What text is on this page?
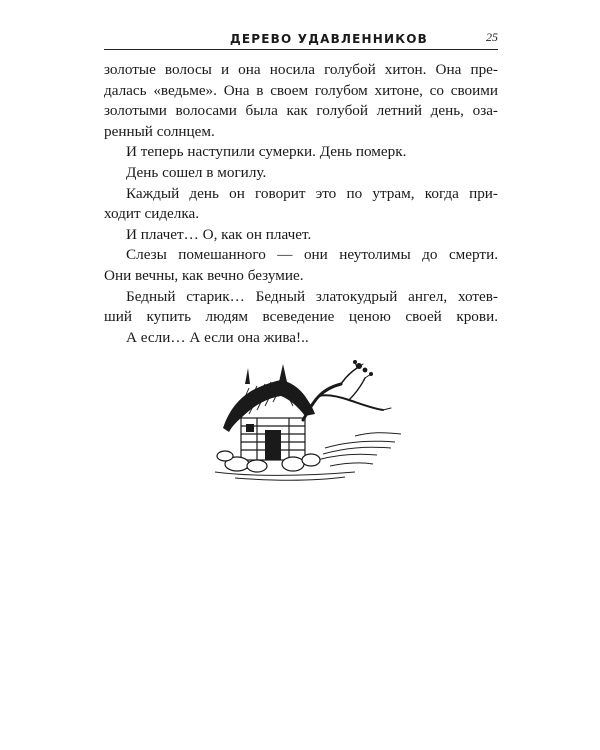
ДЕРЕВО УДАВЛЕННИКОВ	25

золотые волосы и она носила голубой хитон. Она пре-

далась «ведьме». Она в своем голубом хитоне, со своими

золотыми волосами была как голубой летний день, оза-

ренный солнцем.

И теперь наступили сумерки. День померк.

День сошел в могилу.

Каждый день он говорит это по утрам, когда при-

ходит сиделка.

И плачет… О, как он плачет.

Слезы помешанного — они неутолимы до смерти.

Они вечны, как вечно безумие.

Бедный старик… Бедный златокудрый ангел, хотев-

ший купить людям всеведение ценою своей крови.

А если… А если она жива!..
